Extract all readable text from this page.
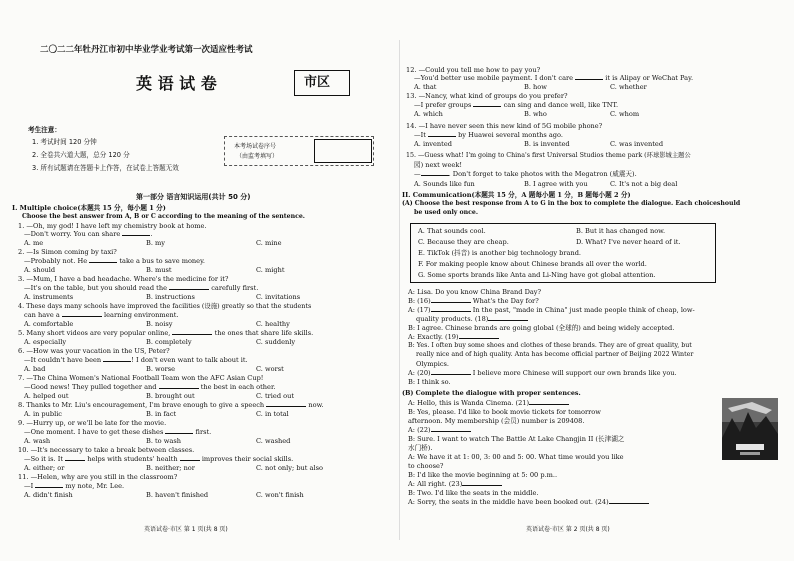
二〇二二年牡丹江市初中毕业学业考试第一次适应性考试
英 语 试 卷	市区
考生注意：
1. 考试时间 120 分钟
2. 全卷共六道大题，总分 120 分
3. 所有试题请在答题卡上作答，在试卷上答题无效
本考场试卷序号
（由监考填写）
第一部分 语言知识运用(共计 50 分)
I. Multiple choice(本题共 15 分，每小题 1 分)
Choose the best answer from A, B or C according to the meaning of the sentence.
1. —Oh, my god! I have left my chemistry book at home.
—Don't worry. You can share	.
A. me	B. my	C. mine
2. —Is Simon coming by taxi?
—Probably not. He	take a bus to save money.
A. should	B. must	C. might
3. —Mum, I have a bad headache. Where's the medicine for it?
—It's on the table, but you should read the	carefully first.
A. instruments	B. instructions	C. invitations
4. These days many schools have improved the facilities (设施) greatly so that the students
can have a	learning environment.
A. comfortable	B. noisy	C. healthy
5. Many short videos are very popular online,	the ones that share life skills.
A. especially	B. completely	C. suddenly
6. —How was your vacation in the US, Peter?
—It couldn't have been	! I don't even want to talk about it.
A. bad	B. worse	C. worst
7. —The China Women's National Football Team won the AFC Asian Cup!
—Good news! They pulled together and	the best in each other.
A. helped out	B. brought out	C. tried out
8. Thanks to Mr. Liu's encouragement, I'm brave enough to give a speech	now.
A. in public	B. in fact	C. in total
9. —Hurry up, or we'll be late for the movie.
—One moment. I have to get these dishes	first.
A. wash	B. to wash	C. washed
10. —It's necessary to take a break between classes.
—So it is. It	helps with students' health	improves their social skills.
A. either; or	B. neither; nor	C. not only; but also
11. —Helen, why are you still in the classroom?
—I	my note, Mr. Lee.
A. didn't finish	B. haven't finished	C. won't finish
英语试卷·市区 第 1 页(共 8 页)
12. —Could you tell me how to pay you?
—You'd better use mobile payment. I don't care	it is Alipay or WeChat Pay.
A. that	B. how	C. whether
13. —Nancy, what kind of groups do you prefer?
—I prefer groups	can sing and dance well, like TNT.
A. which	B. who	C. whom
14. —I have never seen this new kind of 5G mobile phone?
—It	by Huawei several months ago.
A. invented	B. is invented	C. was invented
15. —Guess what! I'm going to China's first Universal Studios theme park (环球影城主题公
园) next week!
—	. Don't forget to take photos with the Megatron (威震天).
A. Sounds like fun	B. I agree with you	C. It's not a big deal
II. Communication(本题共 15 分，A 题每小题 1 分，B 题每小题 2 分)
(A) Choose the best response from A to G in the box to complete the dialogue. Each choiceshould
be used only once.
A. That sounds cool.	B. But it has changed now.
C. Because they are cheap.	D. What? I've never heard of it.
E. TikTok (抖音) is another big technology brand.
F. For making people know about Chinese brands all over the world.
G. Some sports brands like Anta and Li-Ning have got global attention.
A: Lisa. Do you know China Brand Day?
B: (16)	What's the Day for?
A: (17)	In the past, "made in China" just made people think of cheap, low-
quality products. (18)
B: I agree. Chinese brands are going global (全球的) and being widely accepted.
A: Exactly. (19)
B: Yes. I often buy some shoes and clothes of these brands. They are of great quality, but
really nice and of high quality. Anta has become official partner of Beijing 2022 Winter
Olympics.
A: (20)	I believe more Chinese will support our own brands like you.
B: I think so.
(B) Complete the dialogue with proper sentences.
A: Hello, this is Wanda Cinema. (21)
B: Yes, please. I'd like to book movie tickets for tomorrow
afternoon. My membership (会员) number is 209408.
A: (22)
B: Sure. I want to watch The Battle At Lake Changjin II (长津湖之
水门桥).
A: We have it at 1: 00, 3: 00 and 5: 00. What time would you like
to choose?
B: I'd like the movie beginning at 5: 00 p.m..
A: All right. (23)
B: Two. I'd like the seats in the middle.
A: Sorry, the seats in the middle have been booked out. (24)
英语试卷·市区 第 2 页(共 8 页)
